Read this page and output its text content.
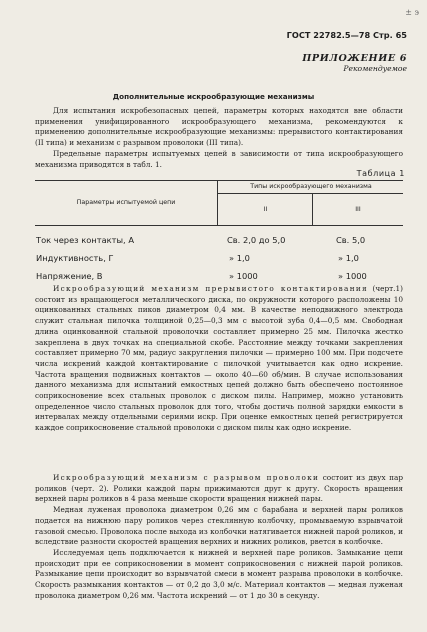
± э
ГОСТ 22782.5—78 Стр. 65
ПРИЛОЖЕНИЕ 6
Рекомендуемое
Дополнительные искрообразующие механизмы

Для испытания искробезопасных цепей, параметры которых находятся вне области применения унифицированного искрообразующего механизма, рекомендуются к применению дополнительные искрообразующие механизмы: прерывистого контактирования (II типа) и механизм с разрывом проволоки (III типа).

Предельные параметры испытуемых цепей в зависимости от типа искрообразующего механизма приводятся в табл. 1.

Таблица 1
Параметры испытуемой цепи
Типы искрообразующего механизма
II	III
Ток через контакты, А	Св. 2,0 до 5,0	Св. 5,0
Индуктивность, Г	» 1,0	» 1,0
Напряжение, В	» 1000	» 1000

Искрообразующий механизм прерывистого контактирования (черт.1) состоит из вращающегося металлического диска, по окружности которого расположены 10 оцинкованных стальных пиков диаметром 0,4 мм. В качестве неподвижного электрода служит стальная пилочка толщиной 0,25—0,3 мм с высотой зуба 0,4—0,5 мм. Свободная длина оцинкованной стальной проволочки составляет примерно 25 мм. Пилочка жестко закреплена в двух точках на специальной скобе. Расстояние между точками закрепления составляет примерно 70 мм, радиус закругления пилочки — примерно 100 мм. При подсчете числа искрений каждой контактирование с пилочкой учитывается как одно искрение. Частота вращения подвижных контактов — около 40—60 об/мин. В случае использования данного механизма для испытаний емкостных цепей должно быть обеспечено постоянное соприкосновение всех стальных проволок с диском пилы. Например, можно установить определенное число стальных проволок для того, чтобы достичь полной зарядки емкости в интервалах между отдельными сериями искр. При оценке емкостных цепей регистрируется каждое соприкосновение стальной проволоки с диском пилы как одно искрение.

Искрообразующий механизм с разрывом проволоки состоит из двух пар роликов (черт. 2). Ролики каждой пары прижимаются друг к другу. Скорость вращения верхней пары роликов в 4 раза меньше скорости вращения нижней пары.

Медная луженая проволока диаметром 0,26 мм с барабана и верхней пары роликов подается на нижнюю пару роликов через стеклянную колбочку, промываемую взрывчатой газовой смесью. Проволока после выхода из колбочки натягивается нижней парой роликов, и вследствие разности скоростей вращения верхних и нижних роликов, рвется в колбочке.

Исследуемая цепь подключается к нижней и верхней паре роликов. Замыкание цепи происходит при ее соприкосновении в момент соприкосновения с нижней парой роликов. Размыкание цепи происходит во взрывчатой смеси в момент разрыва проволоки в колбочке. Скорость размыкания контактов — от 0,2 до 3,0 м/с. Материал контактов — медная луженая проволока диаметром 0,26 мм. Частота искрений — от 1 до 30 в секунду.
